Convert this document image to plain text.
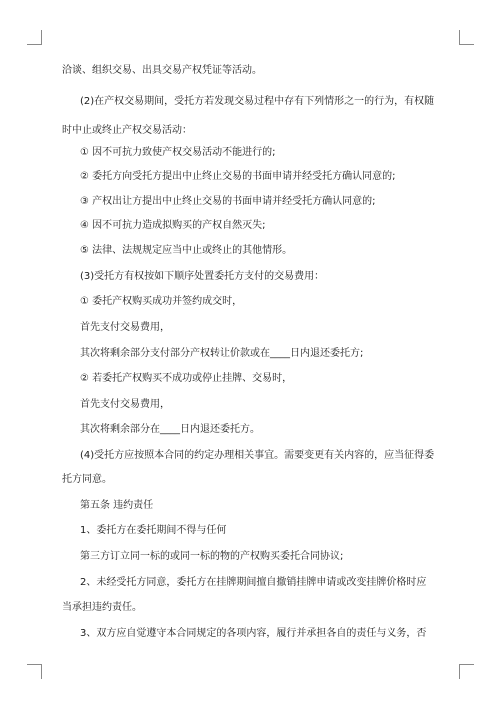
洽谈、组织交易、出具交易产权凭证等活动。
(2)在产权交易期间，受托方若发现交易过程中存有下列情形之一的行为，有权随
时中止或终止产权交易活动：
① 因不可抗力致使产权交易活动不能进行的;
② 委托方向受托方提出中止终止交易的书面申请并经受托方确认同意的;
③ 产权出让方提出中止终止交易的书面申请并经受托方确认同意的;
④ 因不可抗力造成拟购买的产权自然灭失;
⑤ 法律、法规规定应当中止或终止的其他情形。
(3)受托方有权按如下顺序处置委托方支付的交易费用：
① 委托产权购买成功并签约成交时，
首先支付交易费用，
其次将剩余部分支付部分产权转让价款或在____日内退还委托方;
② 若委托产权购买不成功或停止挂牌、交易时，
首先支付交易费用，
其次将剩余部分在____日内退还委托方。
(4)受托方应按照本合同的约定办理相关事宜。需要变更有关内容的，应当征得委
托方同意。
第五条 违约责任
1、委托方在委托期间不得与任何
第三方订立同一标的或同一标的物的产权购买委托合同协议;
2、未经受托方同意，委托方在挂牌期间擅自撤销挂牌申请或改变挂牌价格时应
当承担违约责任。
3、双方应自觉遵守本合同规定的各项内容，履行并承担各自的责任与义务，否
